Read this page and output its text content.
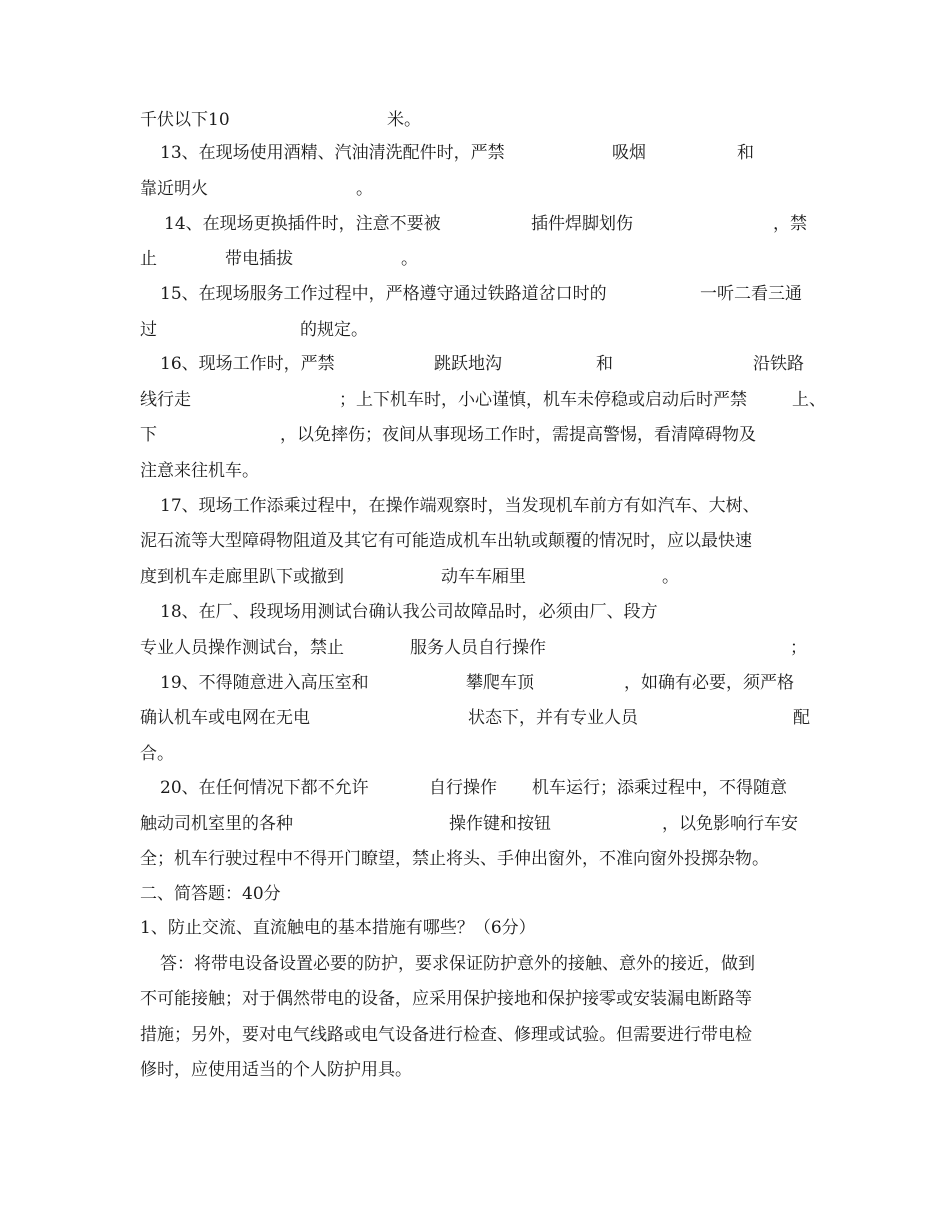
千伏以下10	米。
13、在现场使用酒精、汽油清洗配件时，严禁	吸烟	和
靠近明火	。
14、在现场更换插件时，注意不要被	插件焊脚划伤	，禁
止	带电插拔	。
15、在现场服务工作过程中，严格遵守通过铁路道岔口时的	一听二看三通
过	的规定。
16、现场工作时，严禁	跳跃地沟	和	沿铁路
线行走	；上下机车时，小心谨慎，机车未停稳或启动后时严禁	上、
下	，以免摔伤；夜间从事现场工作时，需提高警惕，看清障碍物及
注意来往机车。
17、现场工作添乘过程中，在操作端观察时，当发现机车前方有如汽车、大树、
泥石流等大型障碍物阻道及其它有可能造成机车出轨或颠覆的情况时，应以最快速
度到机车走廊里趴下或撤到	动车车厢里	。
18、在厂、段现场用测试台确认我公司故障品时，必须由厂、段方
专业人员操作测试台，禁止	服务人员自行操作	；
19、不得随意进入高压室和	攀爬车顶	，如确有必要，须严格
确认机车或电网在无电	状态下，并有专业人员	配
合。
20、在任何情况下都不允许	自行操作 机车运行；添乘过程中，不得随意
触动司机室里的各种	操作键和按钮	，以免影响行车安
全；机车行驶过程中不得开门瞭望，禁止将头、手伸出窗外，不准向窗外投掷杂物。
二、简答题：40分
1、防止交流、直流触电的基本措施有哪些？（6分）
答：将带电设备设置必要的防护，要求保证防护意外的接触、意外的接近，做到
不可能接触；对于偶然带电的设备，应采用保护接地和保护接零或安装漏电断路等
措施；另外，要对电气线路或电气设备进行检查、修理或试验。但需要进行带电检
修时，应使用适当的个人防护用具。
